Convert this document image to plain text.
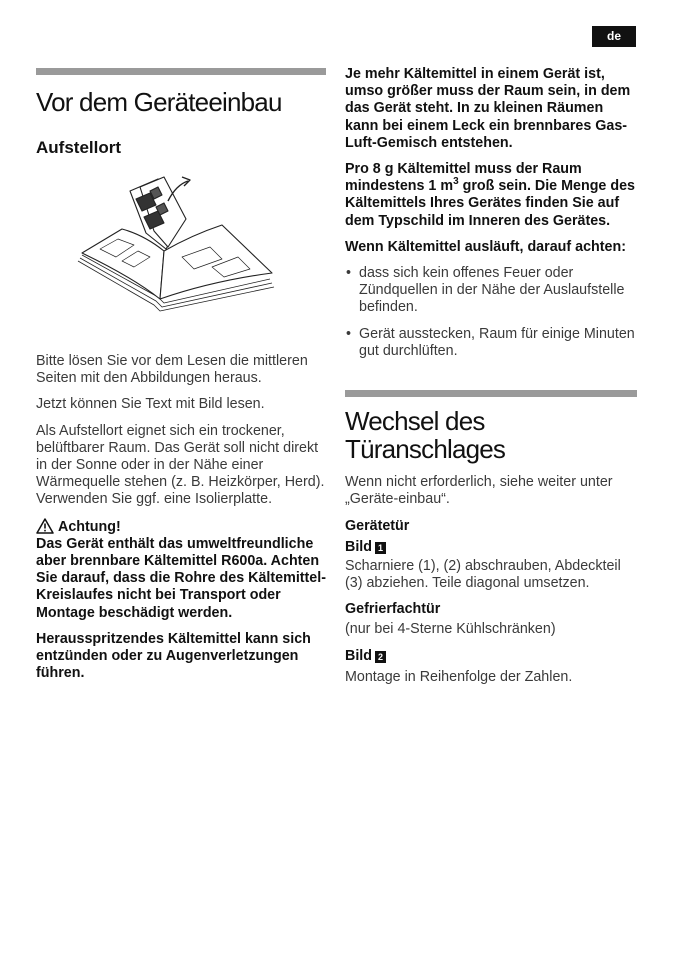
de
Vor dem Geräteeinbau
Aufstellort

Bitte lösen Sie vor dem Lesen die mittleren Seiten mit den Abbildungen heraus.

Jetzt können Sie Text mit Bild lesen.

Als Aufstellort eignet sich ein trockener, belüftbarer Raum. Das Gerät soll nicht direkt in der Sonne oder in der Nähe einer Wärmequelle stehen (z. B. Heizkörper, Herd). Verwenden Sie ggf. eine Isolierplatte.

Achtung!

Das Gerät enthält das umweltfreundliche aber brennbare Kältemittel R600a. Achten Sie darauf, dass die Rohre des Kältemittel-Kreislaufes nicht bei Transport oder Montage beschädigt werden.

Herausspritzendes Kältemittel kann sich entzünden oder zu Augenverletzungen führen.

Je mehr Kältemittel in einem Gerät ist, umso größer muss der Raum sein, in dem das Gerät steht. In zu kleinen Räumen kann bei einem Leck ein brennbares Gas-Luft-Gemisch entstehen.

Pro 8 g Kältemittel muss der Raum mindestens 1 $m^3$ groß sein. Die Menge des Kältemittels Ihres Gerätes finden Sie auf dem Typschild im Inneren des Gerätes.

Wenn Kältemittel ausläuft, darauf achten:

• dass sich kein offenes Feuer oder Zündquellen in der Nähe der Auslaufstelle befinden.
• Gerät ausstecken, Raum für einige Minuten gut durchlüften.
Wechsel des
Türanschlages

Wenn nicht erforderlich, siehe weiter unter „Geräte-einbau“.

Gerätetür

Bild 1

Scharniere (1), (2) abschrauben, Abdeckteil (3) abziehen. Teile diagonal umsetzen.

Gefrierfachtür

(nur bei 4-Sterne Kühlschränken)

Bild 2

Montage in Reihenfolge der Zahlen.
